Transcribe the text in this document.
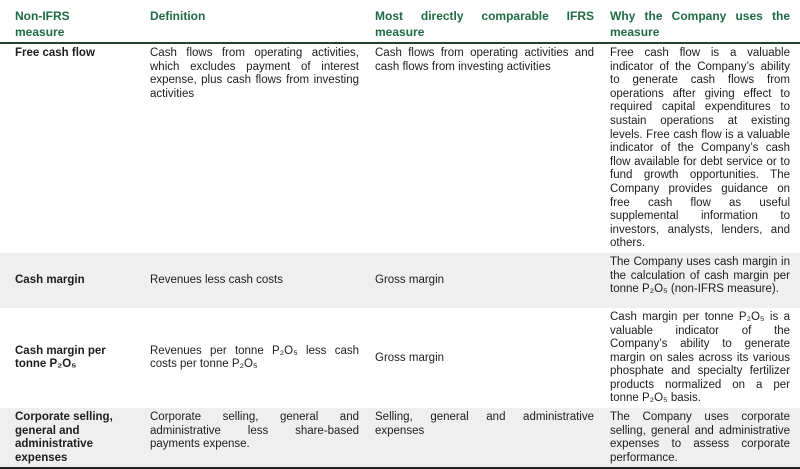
Non-IFRS measure	Definition	Most directly comparable IFRS measure	Why the Company uses the measure
Free cash flow	Cash flows from operating activities, which excludes payment of interest expense, plus cash flows from investing activities	Cash flows from operating activities and cash flows from investing activities	Free cash flow is a valuable indicator of the Company’s ability to generate cash flows from operations after giving effect to required capital expenditures to sustain operations at existing levels. Free cash flow is a valuable indicator of the Company’s cash flow available for debt service or to fund growth opportunities. The Company provides guidance on free cash flow as useful supplemental information to investors, analysts, lenders, and others.
Cash margin	Revenues less cash costs	Gross margin	The Company uses cash margin in the calculation of cash margin per tonne P₂O₅ (non-IFRS measure).
Cash margin per tonne P₂O₅	Revenues per tonne P₂O₅ less cash costs per tonne P₂O₅	Gross margin	Cash margin per tonne P₂O₅ is a valuable indicator of the Company’s ability to generate margin on sales across its various phosphate and specialty fertilizer products normalized on a per tonne P₂O₅ basis.
Corporate selling, general and administrative expenses	Corporate selling, general and administrative less share-based payments expense.	Selling, general and administrative expenses	The Company uses corporate selling, general and administrative expenses to assess corporate performance.
